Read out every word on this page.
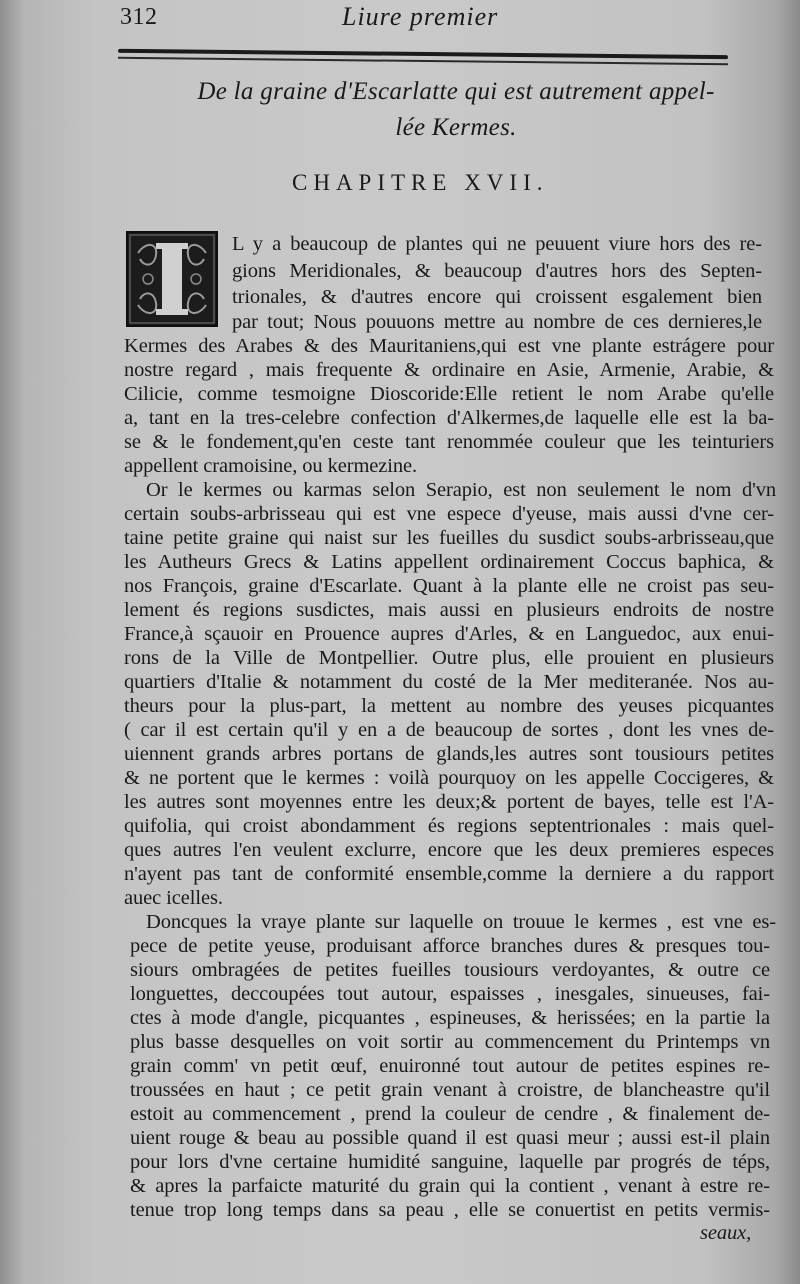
312	Liure premier
De la graine d'Escarlatte qui est autrement appel-
lée Kermes.
CHAPITRE XVII.
L y a beaucoup de plantes qui ne peuuent viure hors des re-
gions Meridionales, & beaucoup d'autres hors des Septen-
trionales, & d'autres encore qui croissent esgalement bien
par tout; Nous pouuons mettre au nombre de ces dernieres,le
Kermes des Arabes & des Mauritaniens,qui est vne plante estrágere pour
nostre regard , mais frequente & ordinaire en Asie, Armenie, Arabie, &
Cilicie, comme tesmoigne Dioscoride:Elle retient le nom Arabe qu'elle
a, tant en la tres-celebre confection d'Alkermes,de laquelle elle est la ba-
se & le fondement,qu'en ceste tant renommée couleur que les teinturiers
appellent cramoisine, ou kermezine.
Or le kermes ou karmas selon Serapio, est non seulement le nom d'vn
certain soubs-arbrisseau qui est vne espece d'yeuse, mais aussi d'vne cer-
taine petite graine qui naist sur les fueilles du susdict soubs-arbrisseau,que
les Autheurs Grecs & Latins appellent ordinairement Coccus baphica, &
nos François, graine d'Escarlate. Quant à la plante elle ne croist pas seu-
lement és regions susdictes, mais aussi en plusieurs endroits de nostre
France,à sçauoir en Prouence aupres d'Arles, & en Languedoc, aux enui-
rons de la Ville de Montpellier. Outre plus, elle prouient en plusieurs
quartiers d'Italie & notamment du costé de la Mer mediteranée. Nos au-
theurs pour la plus-part, la mettent au nombre des yeuses picquantes
( car il est certain qu'il y en a de beaucoup de sortes , dont les vnes de-
uiennent grands arbres portans de glands,les autres sont tousiours petites
& ne portent que le kermes : voilà pourquoy on les appelle Coccigeres, &
les autres sont moyennes entre les deux;& portent de bayes, telle est l'A-
quifolia, qui croist abondamment és regions septentrionales : mais quel-
ques autres l'en veulent exclurre, encore que les deux premieres especes
n'ayent pas tant de conformité ensemble,comme la derniere a du rapport
auec icelles.
Doncques la vraye plante sur laquelle on trouue le kermes , est vne es-
pece de petite yeuse, produisant afforce branches dures & presques tou-
siours ombragées de petites fueilles tousiours verdoyantes, & outre ce
longuettes, deccoupées tout autour, espaisses , inesgales, sinueuses, fai-
ctes à mode d'angle, picquantes , espineuses, & herissées; en la partie la
plus basse desquelles on voit sortir au commencement du Printemps vn
grain comm' vn petit œuf, enuironné tout autour de petites espines re-
troussées en haut ; ce petit grain venant à croistre, de blancheastre qu'il
estoit au commencement , prend la couleur de cendre , & finalement de-
uient rouge & beau au possible quand il est quasi meur ; aussi est-il plain
pour lors d'vne certaine humidité sanguine, laquelle par progrés de téps,
& apres la parfaicte maturité du grain qui la contient , venant à estre re-
tenue trop long temps dans sa peau , elle se conuertist en petits vermis-
seaux,
